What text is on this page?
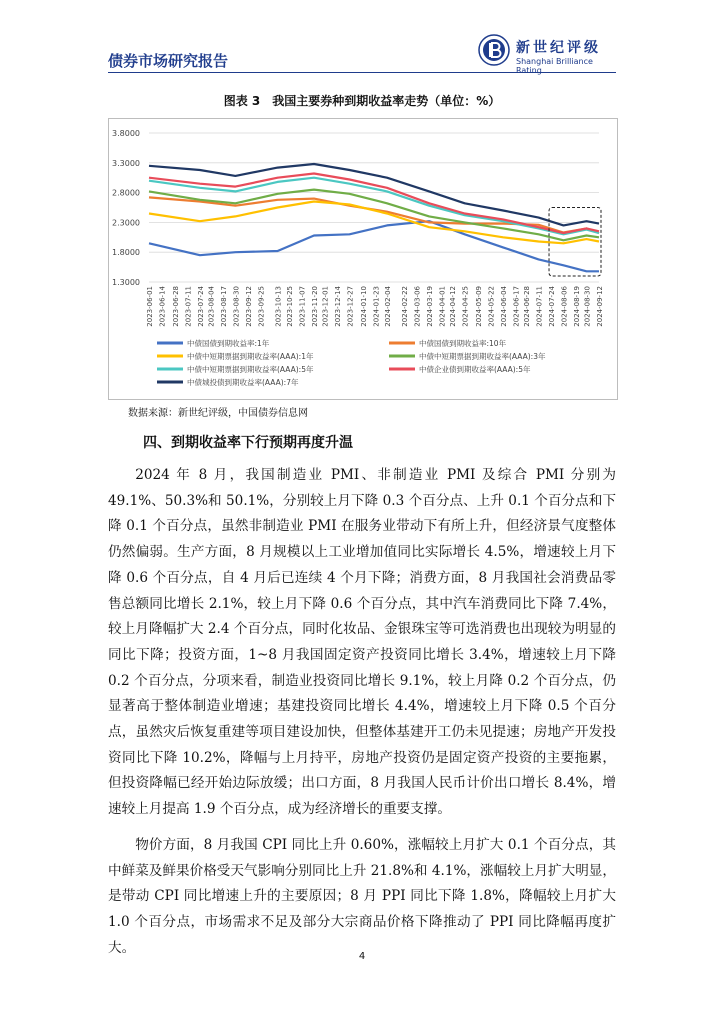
债券市场研究报告
新世纪评级
Shanghai Brilliance Rating
图表 3　我国主要券种到期收益率走势（单位：%）
3.8000
3.3000
2.8000
2.3000
1.8000
1.3000
2023-06-01 2023-06-14 2023-06-28 2023-07-11 2023-07-24 2023-08-04 2023-08-17 2023-08-30 2023-09-12 2023-09-25 2023-10-13 2023-10-25 2023-11-07 2023-11-20 2023-12-01 2023-12-14 2023-12-27 2024-01-10 2024-01-23 2024-02-04 2024-02-22 2024-03-06 2024-03-19 2024-04-01 2024-04-12 2024-04-25 2024-05-09 2024-05-22 2024-06-04 2024-06-17 2024-06-28 2024-07-11 2024-07-24 2024-08-06 2024-08-19 2024-08-30 2024-09-12
中债国债到期收益率:1年	中债国债到期收益率:10年
中债中短期票据到期收益率(AAA):1年	中债中短期票据到期收益率(AAA):3年
中债中短期票据到期收益率(AAA):5年	中债企业债到期收益率(AAA):5年
中债城投债到期收益率(AAA):7年
数据来源：新世纪评级，中国债券信息网
四、到期收益率下行预期再度升温

2024 年 8 月，我国制造业 PMI、非制造业 PMI 及综合 PMI 分别为 49.1%、50.3%和 50.1%，分别较上月下降 0.3 个百分点、上升 0.1 个百分点和下降 0.1 个百分点，虽然非制造业 PMI 在服务业带动下有所上升，但经济景气度整体仍然偏弱。生产方面，8 月规模以上工业增加值同比实际增长 4.5%，增速较上月下降 0.6 个百分点，自 4 月后已连续 4 个月下降；消费方面，8 月我国社会消费品零售总额同比增长 2.1%，较上月下降 0.6 个百分点，其中汽车消费同比下降 7.4%，较上月降幅扩大 2.4 个百分点，同时化妆品、金银珠宝等可选消费也出现较为明显的同比下降；投资方面，1~8 月我国固定资产投资同比增长 3.4%，增速较上月下降 0.2 个百分点，分项来看，制造业投资同比增长 9.1%，较上月降 0.2 个百分点，仍显著高于整体制造业增速；基建投资同比增长 4.4%，增速较上月下降 0.5 个百分点，虽然灾后恢复重建等项目建设加快，但整体基建开工仍未见提速；房地产开发投资同比下降 10.2%，降幅与上月持平，房地产投资仍是固定资产投资的主要拖累，但投资降幅已经开始边际放缓；出口方面，8 月我国人民币计价出口增长 8.4%，增速较上月提高 1.9 个百分点，成为经济增长的重要支撑。

物价方面，8 月我国 CPI 同比上升 0.60%，涨幅较上月扩大 0.1 个百分点，其中鲜菜及鲜果价格受天气影响分别同比上升 21.8%和 4.1%，涨幅较上月扩大明显，是带动 CPI 同比增速上升的主要原因；8 月 PPI 同比下降 1.8%，降幅较上月扩大 1.0 个百分点，市场需求不足及部分大宗商品价格下降推动了 PPI 同比降幅再度扩大。

4
